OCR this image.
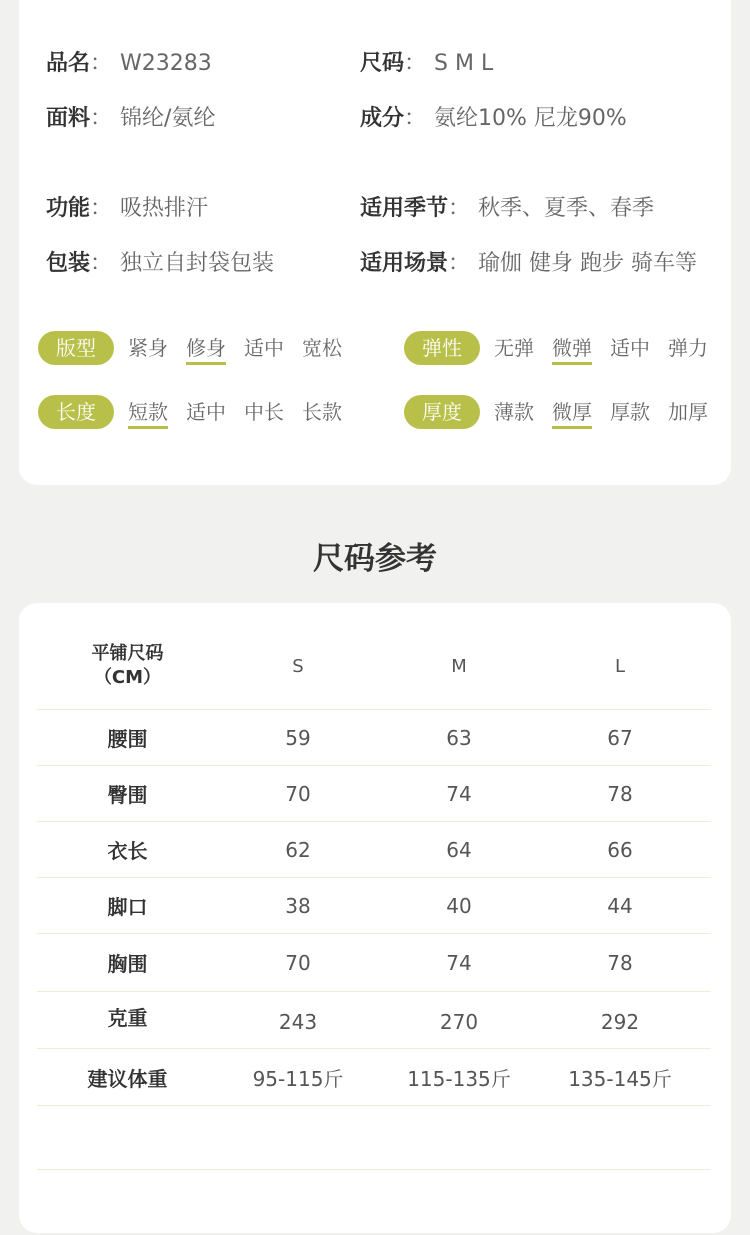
品名： W23283	尺码： S M L
面料： 锦纶/氨纶	成分： 氨纶10% 尼龙90%
功能： 吸热排汗	适用季节： 秋季、夏季、春季
包装： 独立自封袋包装	适用场景： 瑜伽 健身 跑步 骑车等
版型	紧身 修身 适中 宽松	弹性	无弹 微弹 适中 弹力
长度	短款 适中 中长 长款	厚度	薄款 微厚 厚款 加厚
尺码参考
平铺尺码
（CM）
S	M	L
腰围	59	63	67
臀围	70	74	78
衣长	62	64	66
脚口	38	40	44
胸围	70	74	78
克重	243	270	292
建议体重	95-115斤	115-135斤	135-145斤
